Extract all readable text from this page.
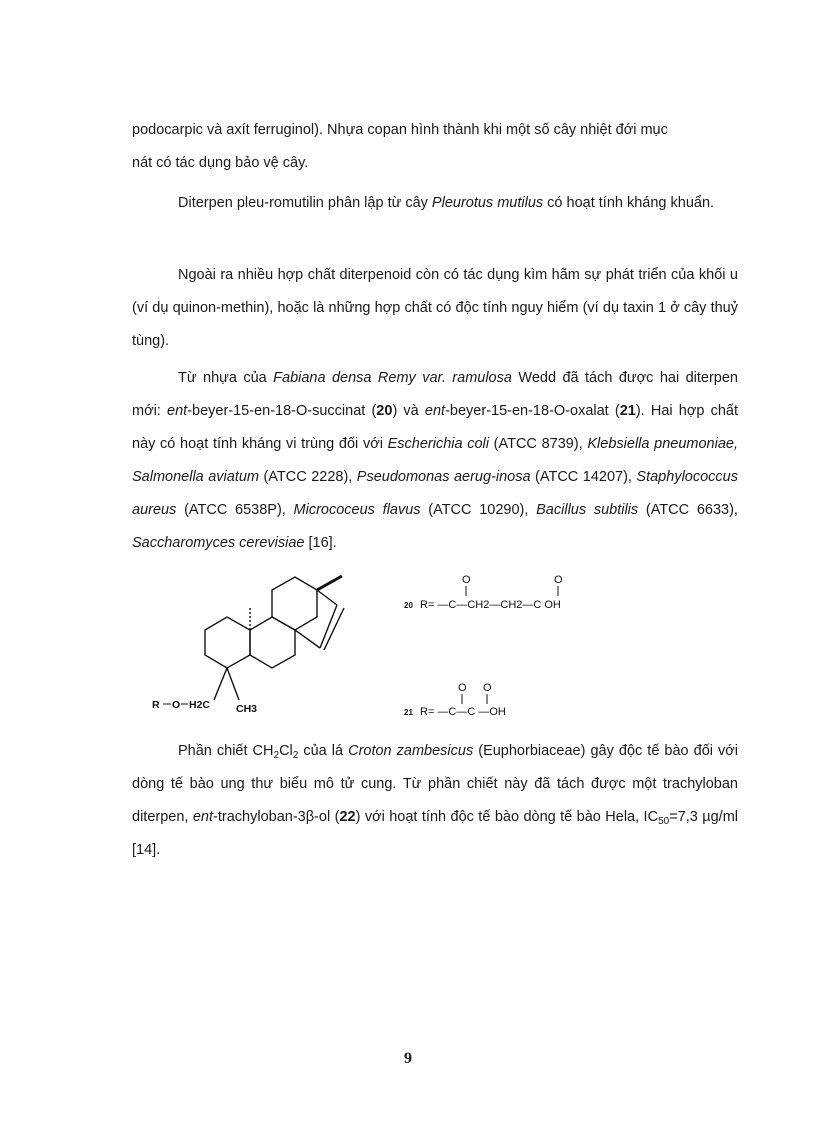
podocarpic và axít ferruginol). Nhựa copan hình thành khi một số cây nhiệt đới mục
nát có tác dụng bảo vệ cây.

Diterpen pleu-romutilin phân lập từ cây Pleurotus mutilus có hoạt tính kháng khuẩn.

Ngoài ra nhiều hợp chất diterpenoid còn có tác dụng kìm hãm sự phát triển của khối u (ví dụ quinon-methin), hoặc là những hợp chất có độc tính nguy hiểm (ví dụ taxin 1 ở cây thuỷ tùng).

Từ nhựa của Fabiana densa Remy var. ramulosa Wedd đã tách được hai diterpen mới: ent-beyer-15-en-18-O-succinat (20) và ent-beyer-15-en-18-O-oxalat (21). Hai hợp chất này có hoạt tính kháng vi trùng đối với Escherichia coli (ATCC 8739), Klebsiella pneumoniae, Salmonella aviatum (ATCC 2228), Pseudomonas aerug-inosa (ATCC 14207), Staphylococcus aureus (ATCC 6538P), Micrococeus flavus (ATCC 10290), Bacillus subtilis (ATCC 6633), Saccharomyces cerevisiae [16].

R O H2C CH3
O	O
20 R= —C—CH2—CH2—C OH
O O
21 R= —C—C —OH

Phần chiết $CH_2Cl_2$ của lá Croton zambesicus (Euphorbiaceae) gây độc tế bào đối với dòng tế bào ung thư biểu mô tử cung. Từ phần chiết này đã tách được một trachyloban diterpen, ent-trachyloban-3β-ol (22) với hoạt tính độc tế bào dòng tế bào Hela, $IC_{50}=7,3$ µg/ml [14].

9
